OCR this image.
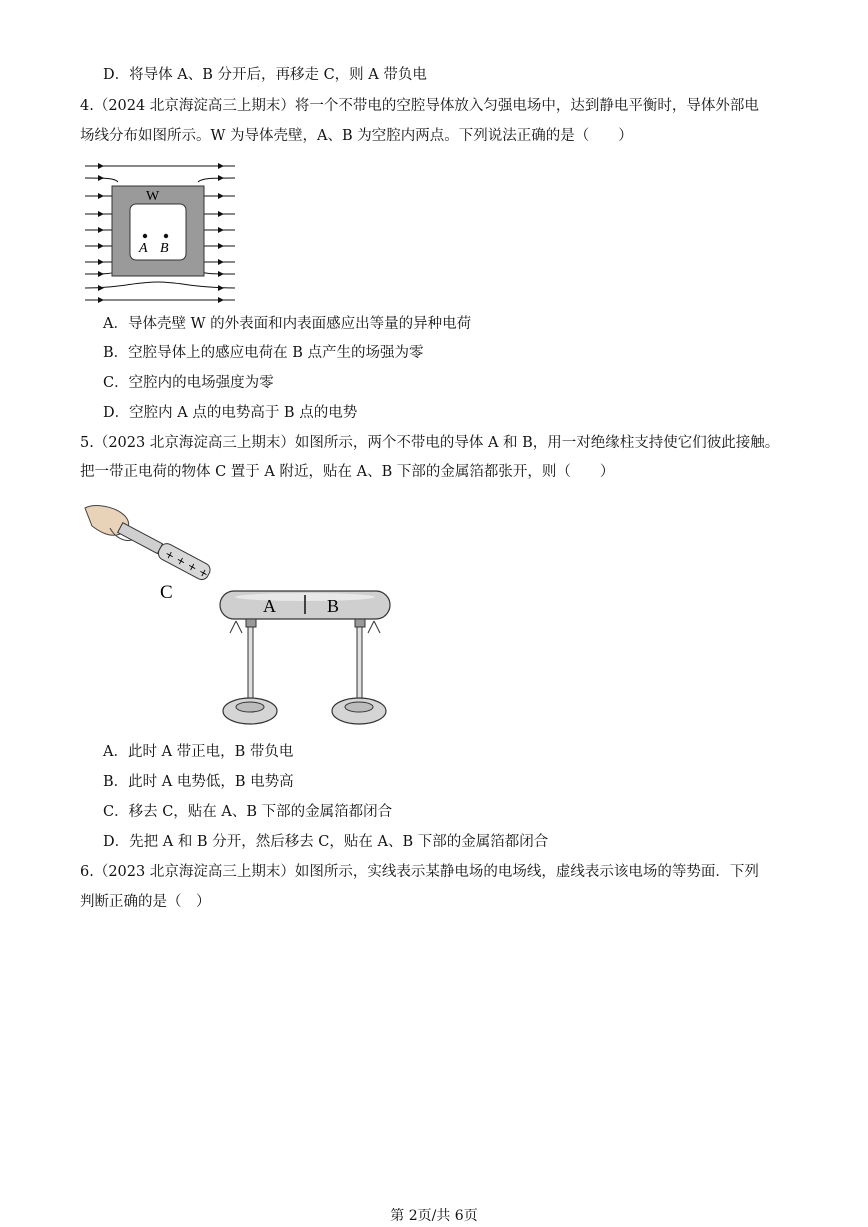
D．将导体 A、B 分开后，再移走 C，则 A 带负电
4.（2024 北京海淀高三上期末）将一个不带电的空腔导体放入匀强电场中，达到静电平衡时，导体外部电
场线分布如图所示。W 为导体壳壁，A、B 为空腔内两点。下列说法正确的是（　　）
W
A B
A．导体壳壁 W 的外表面和内表面感应出等量的异种电荷
B．空腔导体上的感应电荷在 B 点产生的场强为零
C．空腔内的电场强度为零
D．空腔内 A 点的电势高于 B 点的电势
5.（2023 北京海淀高三上期末）如图所示，两个不带电的导体 A 和 B，用一对绝缘柱支持使它们彼此接触。
把一带正电荷的物体 C 置于 A 附近，贴在 A、B 下部的金属箔都张开，则（　　）
+ + + +
C
A	B
A．此时 A 带正电，B 带负电
B．此时 A 电势低，B 电势高
C．移去 C，贴在 A、B 下部的金属箔都闭合
D．先把 A 和 B 分开，然后移去 C，贴在 A、B 下部的金属箔都闭合
6.（2023 北京海淀高三上期末）如图所示，实线表示某静电场的电场线，虚线表示该电场的等势面．下列
判断正确的是（　）
第 2页/共 6页
